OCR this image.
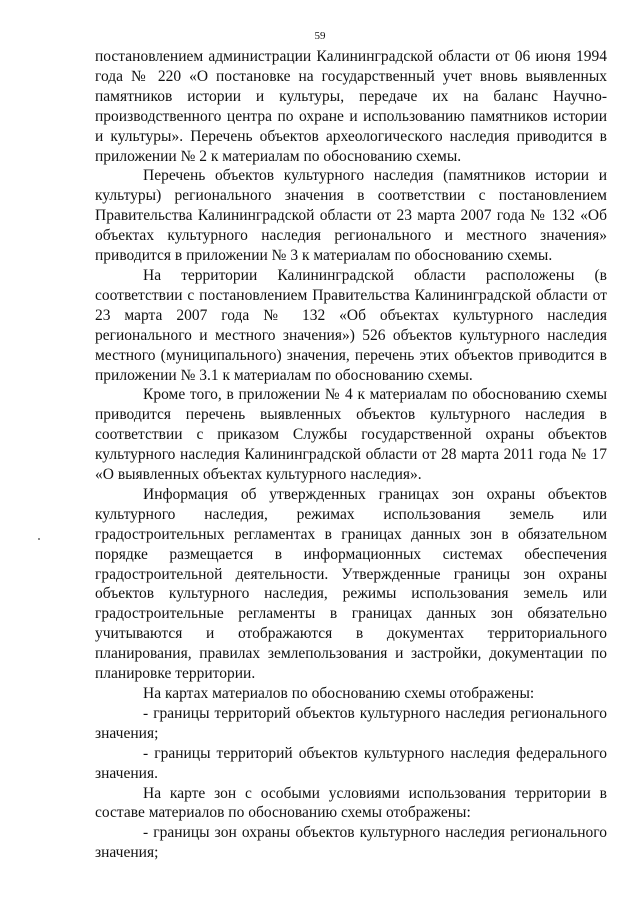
59

постановлением администрации Калининградской области от 06 июня 1994 года № 220 «О постановке на государственный учет вновь выявленных памятников истории и культуры, передаче их на баланс Научно-производственного центра по охране и использованию памятников истории и культуры». Перечень объектов археологического наследия приводится в приложении № 2 к материалам по обоснованию схемы.

Перечень объектов культурного наследия (памятников истории и культуры) регионального значения в соответствии с постановлением Правительства Калининградской области от 23 марта 2007 года № 132 «Об объектах культурного наследия регионального и местного значения» приводится в приложении № 3 к материалам по обоснованию схемы.

На территории Калининградской области расположены (в соответствии с постановлением Правительства Калининградской области от 23 марта 2007 года № 132 «Об объектах культурного наследия регионального и местного значения») 526 объектов культурного наследия местного (муниципального) значения, перечень этих объектов приводится в приложении № 3.1 к материалам по обоснованию схемы.

Кроме того, в приложении № 4 к материалам по обоснованию схемы приводится перечень выявленных объектов культурного наследия в соответствии с приказом Службы государственной охраны объектов культурного наследия Калининградской области от 28 марта 2011 года № 17 «О выявленных объектах культурного наследия».

Информация об утвержденных границах зон охраны объектов культурного наследия, режимах использования земель или градостроительных регламентах в границах данных зон в обязательном порядке размещается в информационных системах обеспечения градостроительной деятельности. Утвержденные границы зон охраны объектов культурного наследия, режимы использования земель или градостроительные регламенты в границах данных зон обязательно учитываются и отображаются в документах территориального планирования, правилах землепользования и застройки, документации по планировке территории.

На картах материалов по обоснованию схемы отображены:

- границы территорий объектов культурного наследия регионального значения;

- границы территорий объектов культурного наследия федерального значения.

На карте зон с особыми условиями использования территории в составе материалов по обоснованию схемы отображены:

- границы зон охраны объектов культурного наследия регионального значения;
